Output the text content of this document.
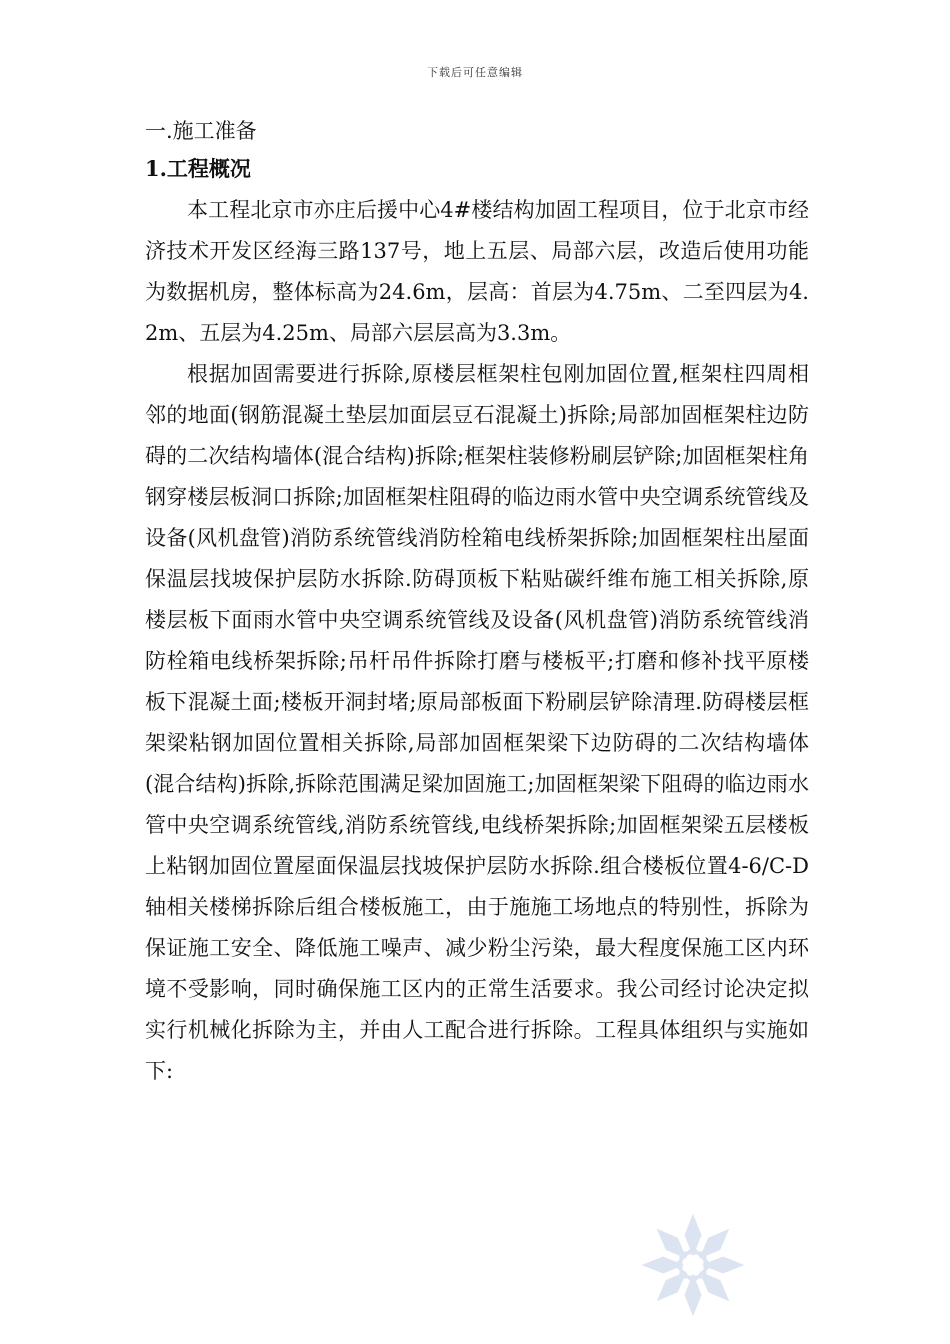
下载后可任意编辑
一.施工准备
1.工程概况

本工程北京市亦庄后援中心4#楼结构加固工程项目，位于北京市经济技术开发区经海三路137号，地上五层、局部六层，改造后使用功能为数据机房，整体标高为24.6m，层高：首层为4.75m、二至四层为4.2m、五层为4.25m、局部六层层高为3.3m。

根据加固需要进行拆除,原楼层框架柱包刚加固位置,框架柱四周相邻的地面(钢筋混凝土垫层加面层豆石混凝土)拆除;局部加固框架柱边防碍的二次结构墙体(混合结构)拆除;框架柱装修粉刷层铲除;加固框架柱角钢穿楼层板洞口拆除;加固框架柱阻碍的临边雨水管中央空调系统管线及设备(风机盘管)消防系统管线消防栓箱电线桥架拆除;加固框架柱出屋面保温层找坡保护层防水拆除.防碍顶板下粘贴碳纤维布施工相关拆除,原楼层板下面雨水管中央空调系统管线及设备(风机盘管)消防系统管线消防栓箱电线桥架拆除;吊杆吊件拆除打磨与楼板平;打磨和修补找平原楼板下混凝土面;楼板开洞封堵;原局部板面下粉刷层铲除清理.防碍楼层框架梁粘钢加固位置相关拆除,局部加固框架梁下边防碍的二次结构墙体(混合结构)拆除,拆除范围满足梁加固施工;加固框架梁下阻碍的临边雨水管中央空调系统管线,消防系统管线,电线桥架拆除;加固框架梁五层楼板上粘钢加固位置屋面保温层找坡保护层防水拆除.组合楼板位置4-6/C-D轴相关楼梯拆除后组合楼板施工，由于施施工场地点的特别性，拆除为保证施工安全、降低施工噪声、减少粉尘污染，最大程度保施工区内环境不受影响，同时确保施工区内的正常生活要求。我公司经讨论决定拟实行机械化拆除为主，并由人工配合进行拆除。工程具体组织与实施如下:
